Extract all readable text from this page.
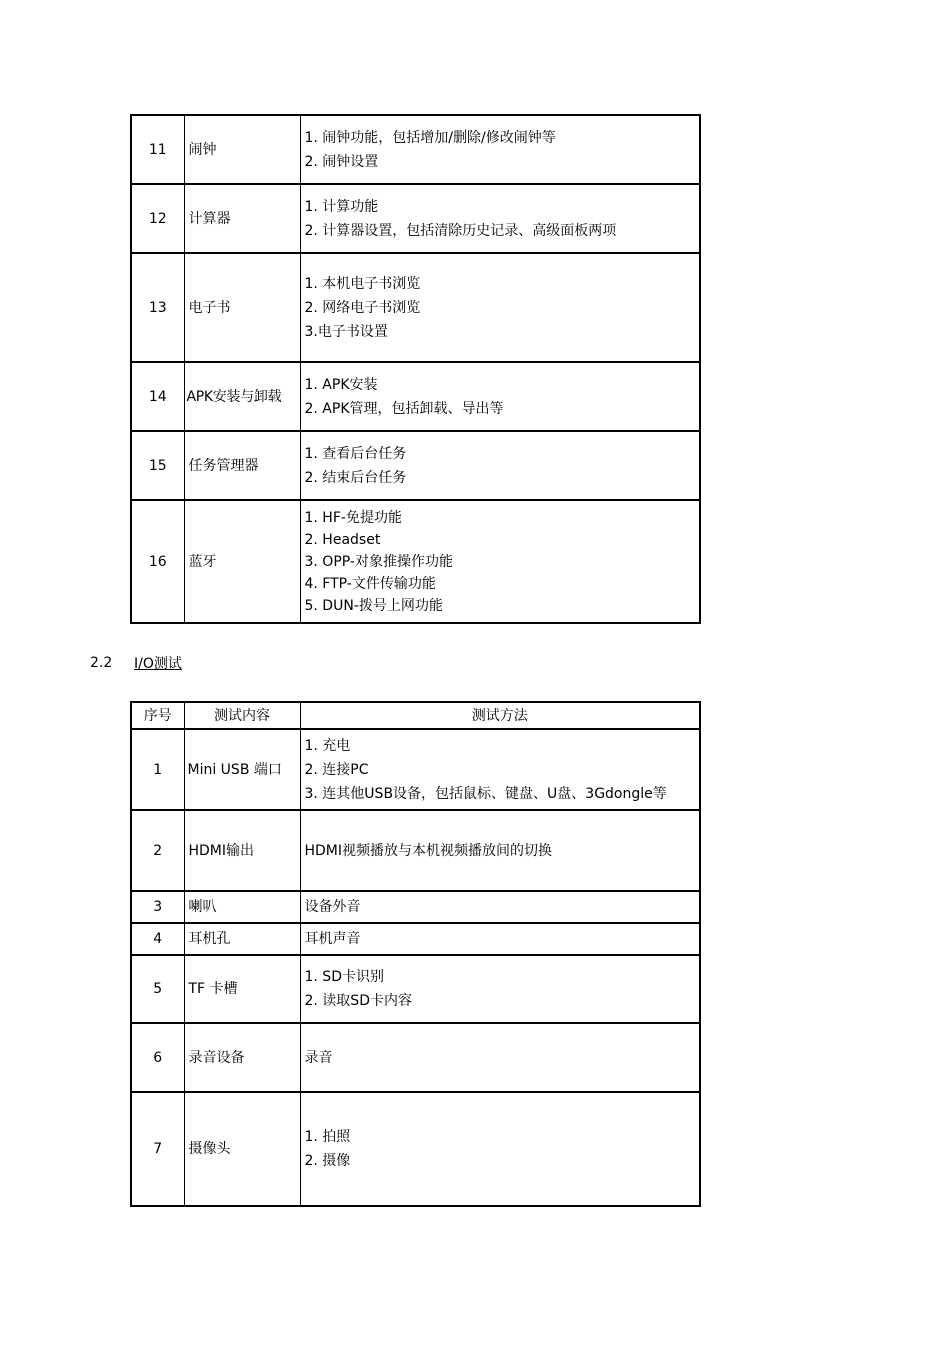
11	闹钟	1. 闹钟功能，包括增加/删除/修改闹钟等
2. 闹钟设置

12	计算器	1. 计算功能
2. 计算器设置，包括清除历史记录、高级面板两项

13	电子书	1. 本机电子书浏览
2. 网络电子书浏览
3.电子书设置

14	APK安装与卸载	1. APK安装
2. APK管理，包括卸载、导出等

15	任务管理器	1. 查看后台任务
2. 结束后台任务

16	蓝牙	1. HF-免提功能
2. Headset
3. OPP-对象推操作功能
4. FTP-文件传输功能
5. DUN-拨号上网功能
2.2 I/O测试
序号	测试内容	测试方法
1	Mini USB 端口	1. 充电
2. 连接PC
3. 连其他USB设备，包括鼠标、键盘、U盘、3Gdongle等

2	HDMI输出	HDMI视频播放与本机视频播放间的切换

3	喇叭	设备外音

4	耳机孔	耳机声音

5	TF 卡槽	1. SD卡识别
2. 读取SD卡内容

6	录音设备	录音

7	摄像头	1. 拍照
2. 摄像
